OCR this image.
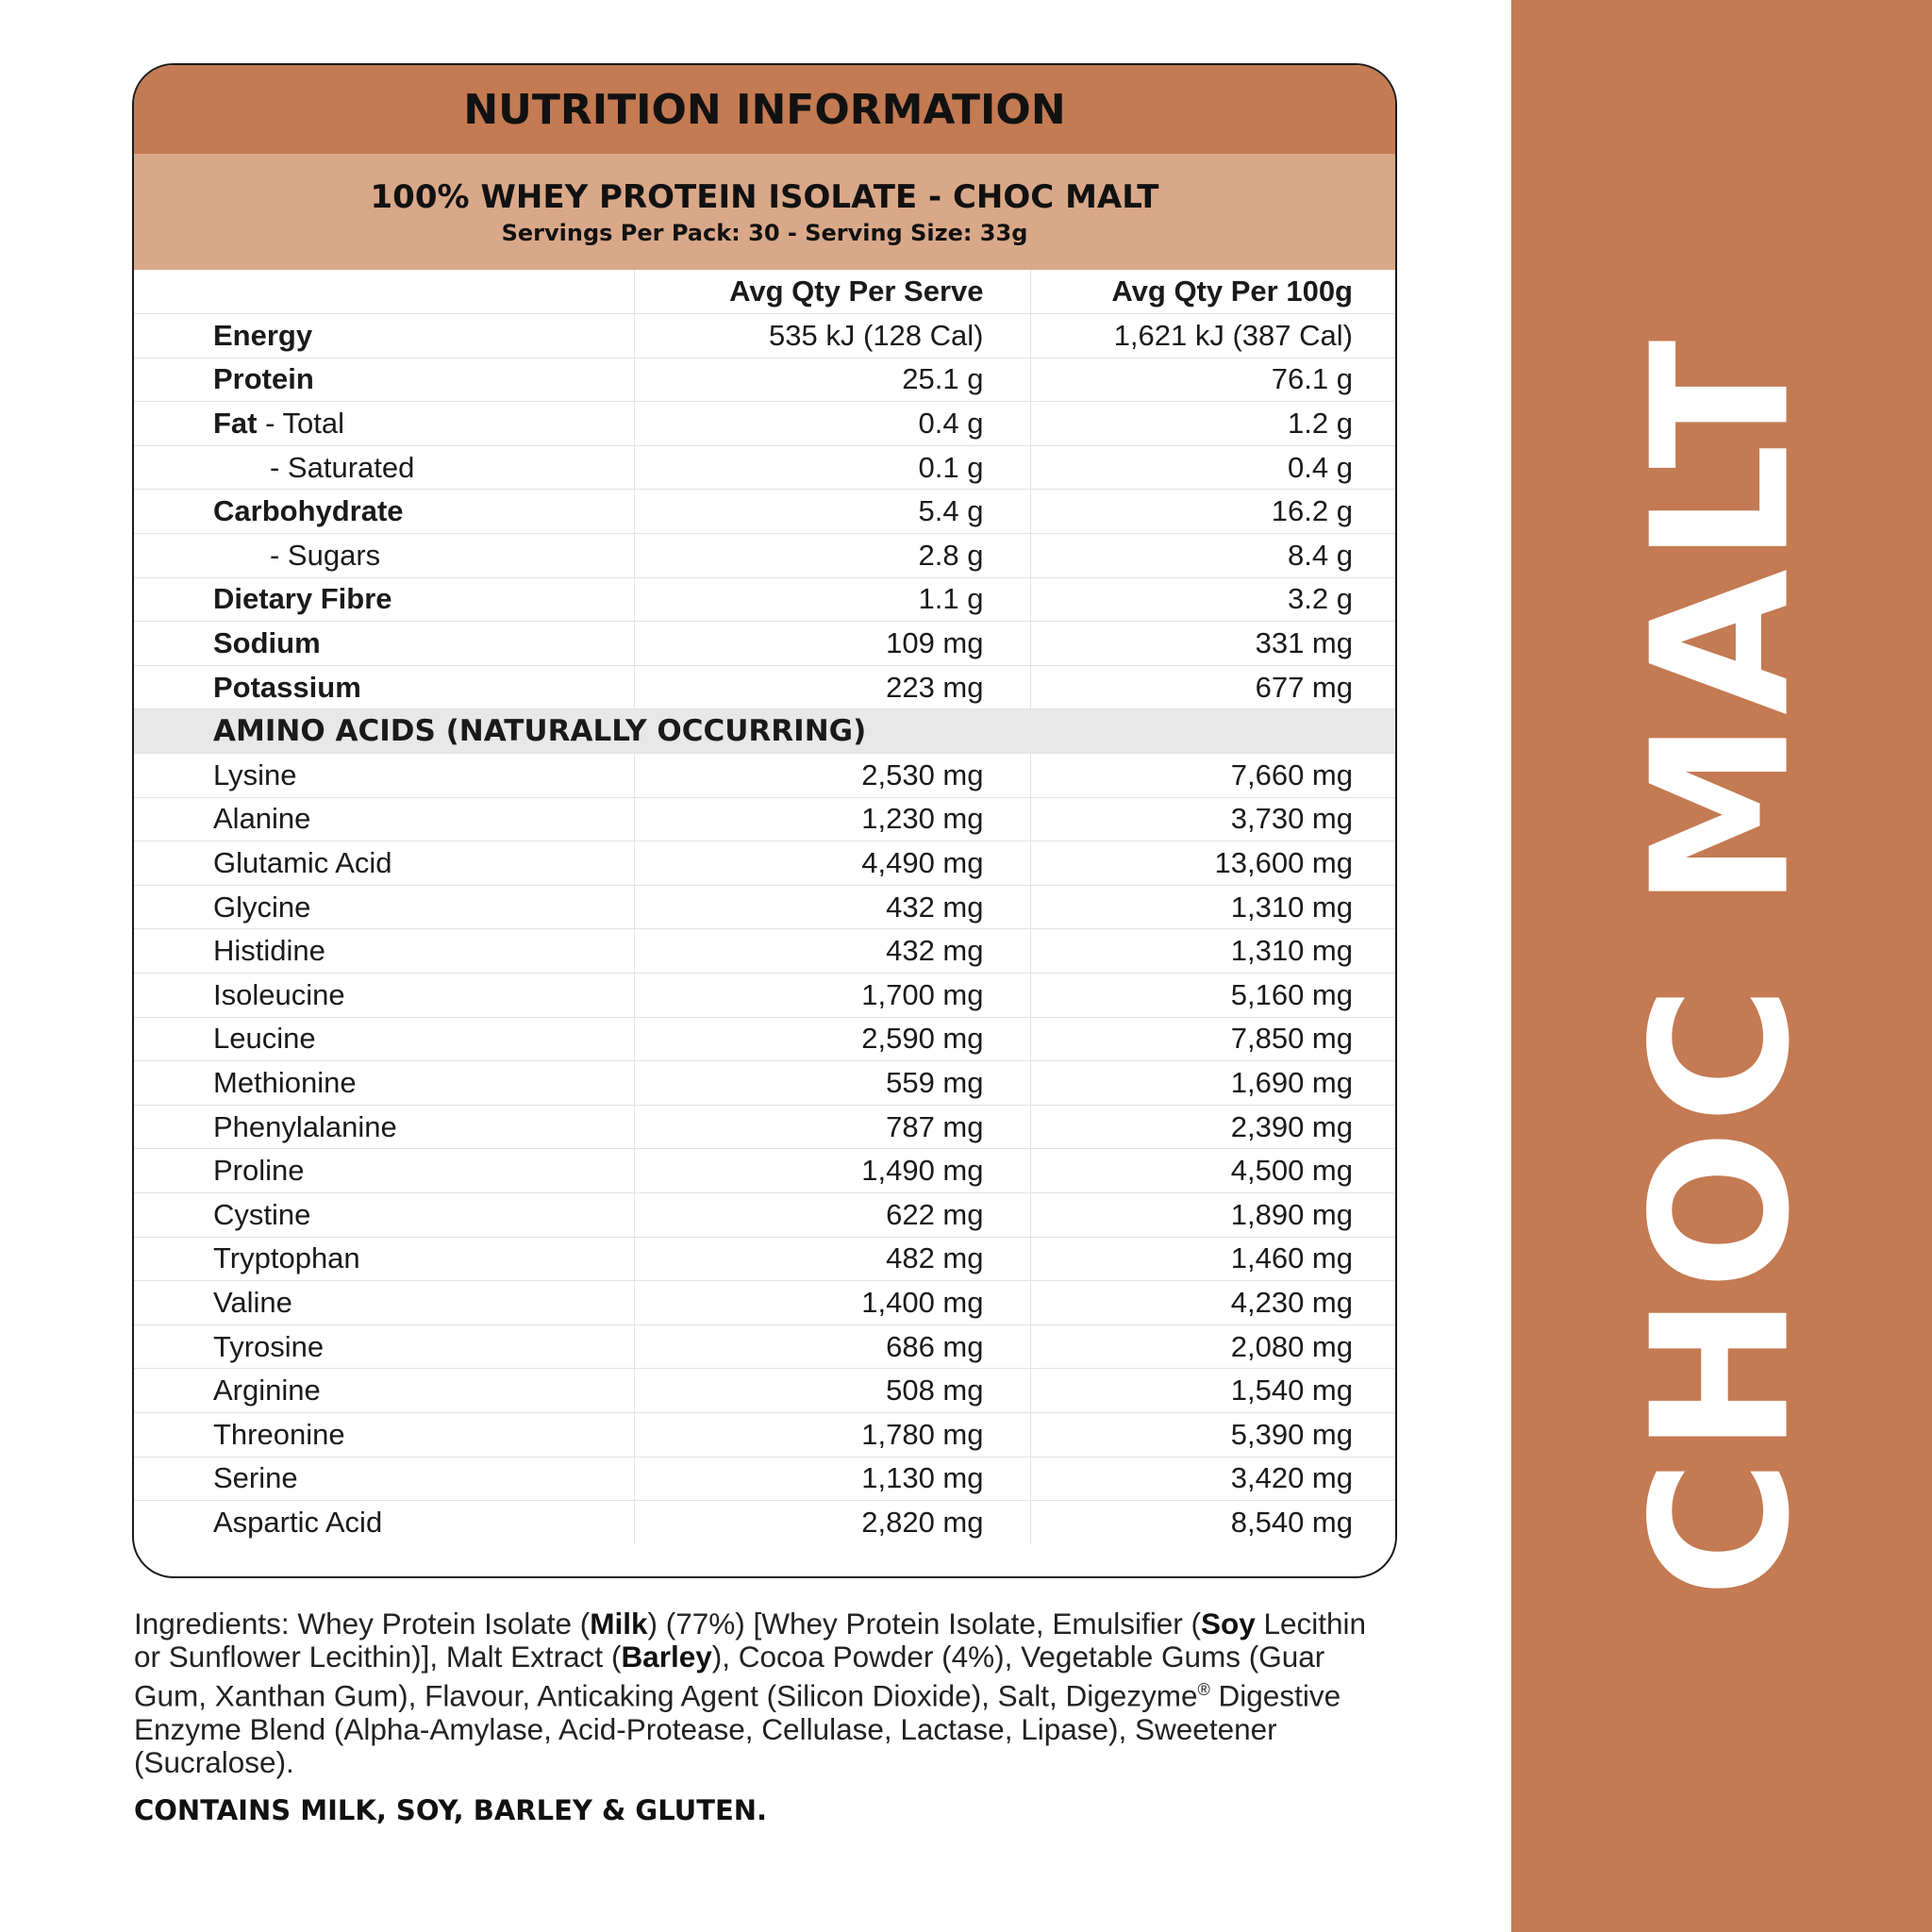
CHOC MALT
NUTRITION INFORMATION
100% WHEY PROTEIN ISOLATE - CHOC MALT
Servings Per Pack: 30 - Serving Size: 33g
	Avg Qty Per Serve	Avg Qty Per 100g
Energy	535 kJ (128 Cal)	1,621 kJ (387 Cal)
Protein	25.1 g	76.1 g
Fat - Total	0.4 g	1.2 g
- Saturated	0.1 g	0.4 g
Carbohydrate	5.4 g	16.2 g
- Sugars	2.8 g	8.4 g
Dietary Fibre	1.1 g	3.2 g
Sodium	109 mg	331 mg
Potassium	223 mg	677 mg
AMINO ACIDS (NATURALLY OCCURRING)		
Lysine	2,530 mg	7,660 mg
Alanine	1,230 mg	3,730 mg
Glutamic Acid	4,490 mg	13,600 mg
Glycine	432 mg	1,310 mg
Histidine	432 mg	1,310 mg
Isoleucine	1,700 mg	5,160 mg
Leucine	2,590 mg	7,850 mg
Methionine	559 mg	1,690 mg
Phenylalanine	787 mg	2,390 mg
Proline	1,490 mg	4,500 mg
Cystine	622 mg	1,890 mg
Tryptophan	482 mg	1,460 mg
Valine	1,400 mg	4,230 mg
Tyrosine	686 mg	2,080 mg
Arginine	508 mg	1,540 mg
Threonine	1,780 mg	5,390 mg
Serine	1,130 mg	3,420 mg
Aspartic Acid	2,820 mg	8,540 mg
Ingredients: Whey Protein Isolate (Milk) (77%) [Whey Protein Isolate, Emulsifier (Soy Lecithin or Sunflower Lecithin)], Malt Extract (Barley), Cocoa Powder (4%), Vegetable Gums (Guar Gum, Xanthan Gum), Flavour, Anticaking Agent (Silicon Dioxide), Salt, Digezyme® Digestive Enzyme Blend (Alpha-Amylase, Acid-Protease, Cellulase, Lactase, Lipase), Sweetener (Sucralose).
CONTAINS MILK, SOY, BARLEY & GLUTEN.
